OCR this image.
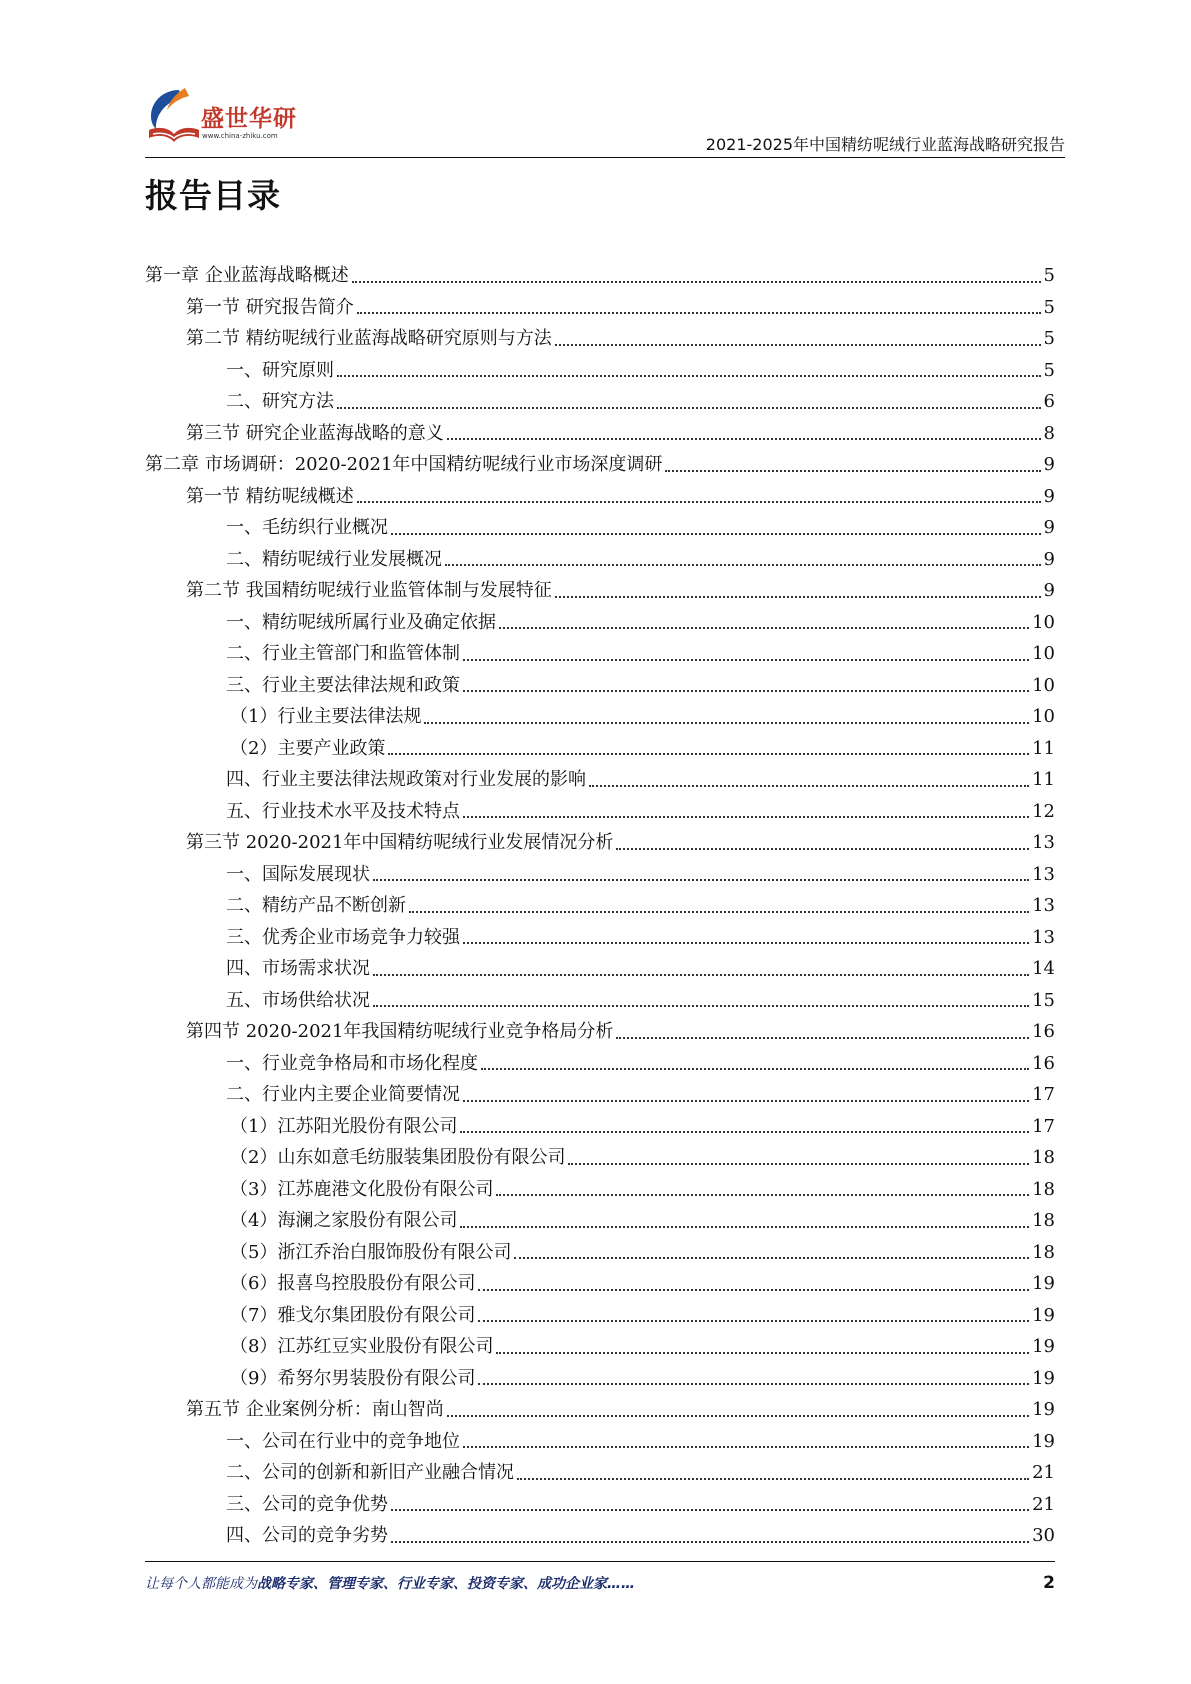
盛世华研
www.china-zhiku.com	2021-2025年中国精纺呢绒行业蓝海战略研究报告
报告目录
第一章 企业蓝海战略概述	5
第一节 研究报告简介	5
第二节 精纺呢绒行业蓝海战略研究原则与方法	5
一、研究原则	5
二、研究方法	6
第三节 研究企业蓝海战略的意义	8
第二章 市场调研：2020-2021年中国精纺呢绒行业市场深度调研	9
第一节 精纺呢绒概述	9
一、毛纺织行业概况	9
二、精纺呢绒行业发展概况	9
第二节 我国精纺呢绒行业监管体制与发展特征	9
一、精纺呢绒所属行业及确定依据	10
二、行业主管部门和监管体制	10
三、行业主要法律法规和政策	10
（1）行业主要法律法规	10
（2）主要产业政策	11
四、行业主要法律法规政策对行业发展的影响	11
五、行业技术水平及技术特点	12
第三节 2020-2021年中国精纺呢绒行业发展情况分析	13
一、国际发展现状	13
二、精纺产品不断创新	13
三、优秀企业市场竞争力较强	13
四、市场需求状况	14
五、市场供给状况	15
第四节 2020-2021年我国精纺呢绒行业竞争格局分析	16
一、行业竞争格局和市场化程度	16
二、行业内主要企业简要情况	17
（1）江苏阳光股份有限公司	17
（2）山东如意毛纺服装集团股份有限公司	18
（3）江苏鹿港文化股份有限公司	18
（4）海澜之家股份有限公司	18
（5）浙江乔治白服饰股份有限公司	18
（6）报喜鸟控股股份有限公司	19
（7）雅戈尔集团股份有限公司	19
（8）江苏红豆实业股份有限公司	19
（9）希努尔男装股份有限公司	19
第五节 企业案例分析：南山智尚	19
一、公司在行业中的竞争地位	19
二、公司的创新和新旧产业融合情况	21
三、公司的竞争优势	21
四、公司的竞争劣势	30
让每个人都能成为战略专家、管理专家、行业专家、投资专家、成功企业家……	2
